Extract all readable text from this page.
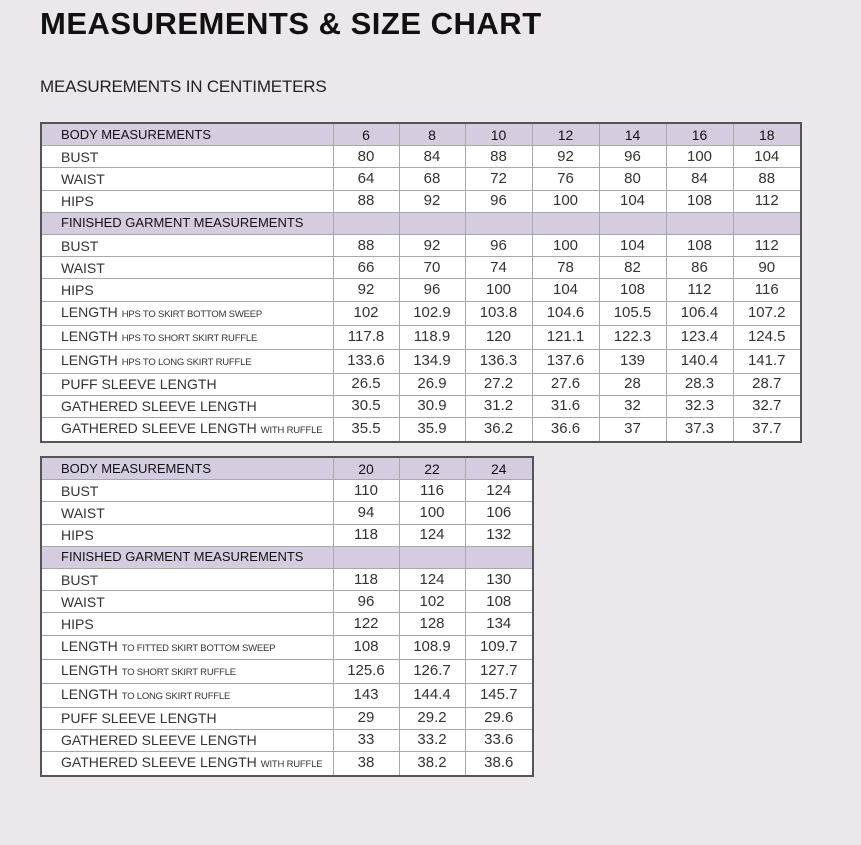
MEASUREMENTS & SIZE CHART
MEASUREMENTS IN CENTIMETERS
BODY MEASUREMENTS	6	8	10	12	14	16	18
BUST	80	84	88	92	96	100	104
WAIST	64	68	72	76	80	84	88
HIPS	88	92	96	100	104	108	112
FINISHED GARMENT MEASUREMENTS							
BUST	88	92	96	100	104	108	112
WAIST	66	70	74	78	82	86	90
HIPS	92	96	100	104	108	112	116
LENGTH HPS TO SKIRT BOTTOM SWEEP	102	102.9	103.8	104.6	105.5	106.4	107.2
LENGTH HPS TO SHORT SKIRT RUFFLE	117.8	118.9	120	121.1	122.3	123.4	124.5
LENGTH HPS TO LONG SKIRT RUFFLE	133.6	134.9	136.3	137.6	139	140.4	141.7
PUFF SLEEVE LENGTH	26.5	26.9	27.2	27.6	28	28.3	28.7
GATHERED SLEEVE LENGTH	30.5	30.9	31.2	31.6	32	32.3	32.7
GATHERED SLEEVE LENGTH WITH RUFFLE	35.5	35.9	36.2	36.6	37	37.3	37.7
BODY MEASUREMENTS	20	22	24
BUST	110	116	124
WAIST	94	100	106
HIPS	118	124	132
FINISHED GARMENT MEASUREMENTS			
BUST	118	124	130
WAIST	96	102	108
HIPS	122	128	134
LENGTH TO FITTED SKIRT BOTTOM SWEEP	108	108.9	109.7
LENGTH TO SHORT SKIRT RUFFLE	125.6	126.7	127.7
LENGTH TO LONG SKIRT RUFFLE	143	144.4	145.7
PUFF SLEEVE LENGTH	29	29.2	29.6
GATHERED SLEEVE LENGTH	33	33.2	33.6
GATHERED SLEEVE LENGTH WITH RUFFLE	38	38.2	38.6
